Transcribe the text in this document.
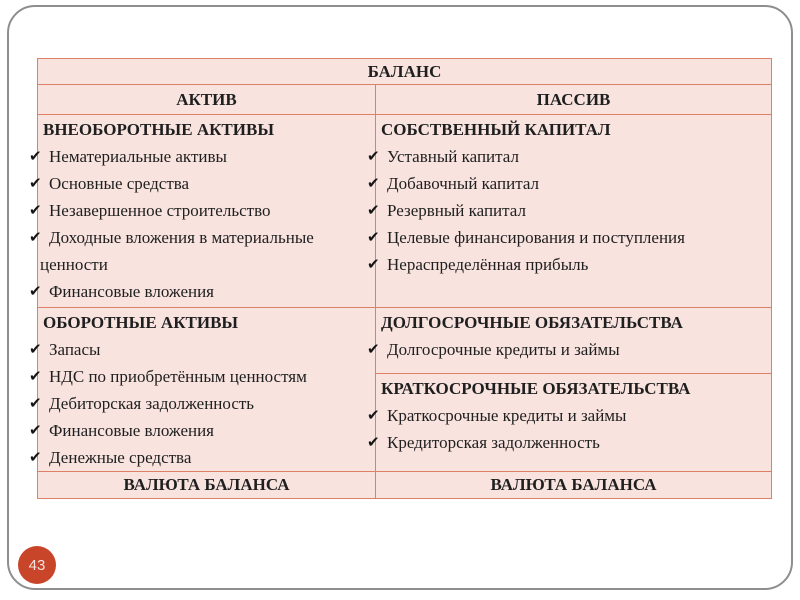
БАЛАНС
АКТИВ	ПАССИВ
ВНЕОБОРОТНЫЕ АКТИВЫ
✔ Нематериальные активы
✔ Основные средства
✔ Незавершенное строительство
✔ Доходные вложения в материальные ценности
✔ Финансовые вложения
ОБОРОТНЫЕ АКТИВЫ
✔ Запасы
✔ НДС по приобретённым ценностям
✔ Дебиторская задолженность
✔ Финансовые вложения
✔ Денежные средства
СОБСТВЕННЫЙ КАПИТАЛ
✔ Уставный капитал
✔ Добавочный капитал
✔ Резервный капитал
✔ Целевые финансирования и поступления
✔ Нераспределённая прибыль
ДОЛГОСРОЧНЫЕ ОБЯЗАТЕЛЬСТВА
✔ Долгосрочные кредиты и займы
КРАТКОСРОЧНЫЕ ОБЯЗАТЕЛЬСТВА
✔ Краткосрочные кредиты и займы
✔ Кредиторская задолженность
ВАЛЮТА БАЛАНСА	ВАЛЮТА БАЛАНСА
43
